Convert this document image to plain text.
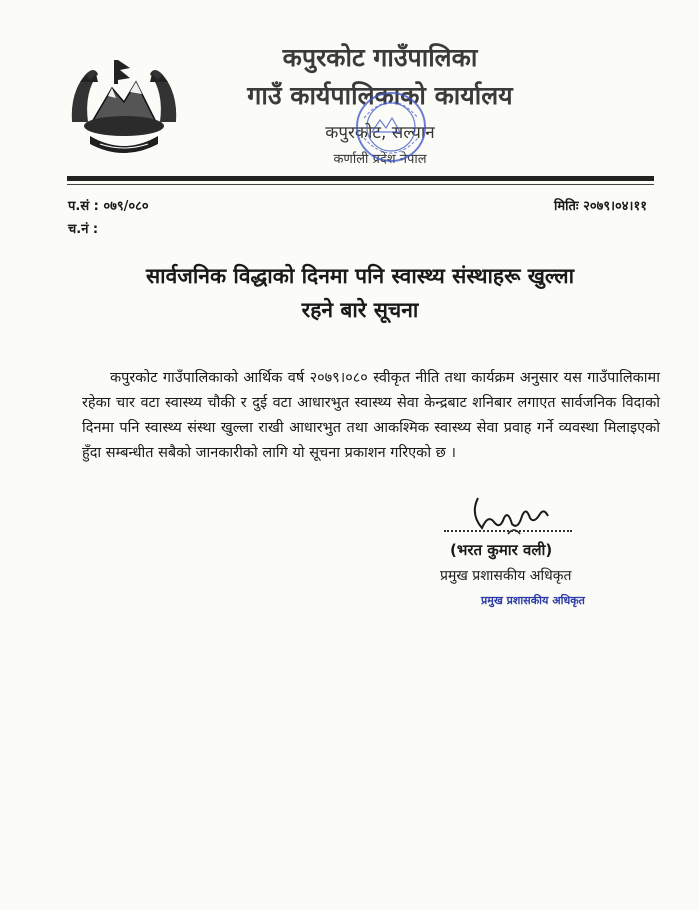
कपुरकोट गाउँपालिका
गाउँ कार्यपालिकाको कार्यालय
कपुरकोट, सल्यान
कर्णाली प्रदेश नेपाल
प.सं : ०७९/०८०
च.नं :
मितिः २०७९।०४।११
सार्वजनिक विद्धाको दिनमा पनि स्वास्थ्य संस्थाहरू खुल्ला
रहने बारे सूचना
कपुरकोट गाउँपालिकाको आर्थिक वर्ष २०७९।०८० स्वीकृत नीति तथा कार्यक्रम अनुसार यस गाउँपालिकामा रहेका चार वटा स्वास्थ्य चौकी र दुई वटा आधारभुत स्वास्थ्य सेवा केन्द्रबाट शनिबार लगाएत सार्वजनिक विदाको दिनमा पनि स्वास्थ्य संस्था खुल्ला राखी आधारभुत तथा आकश्मिक स्वास्थ्य सेवा प्रवाह गर्ने व्यवस्था मिलाइएको हुँदा सम्बन्धीत सबैको जानकारीको लागि यो सूचना प्रकाशन गरिएको छ ।
(भरत कुमार वली)
प्रमुख प्रशासकीय अधिकृत
प्रमुख प्रशासकीय अधिकृत
